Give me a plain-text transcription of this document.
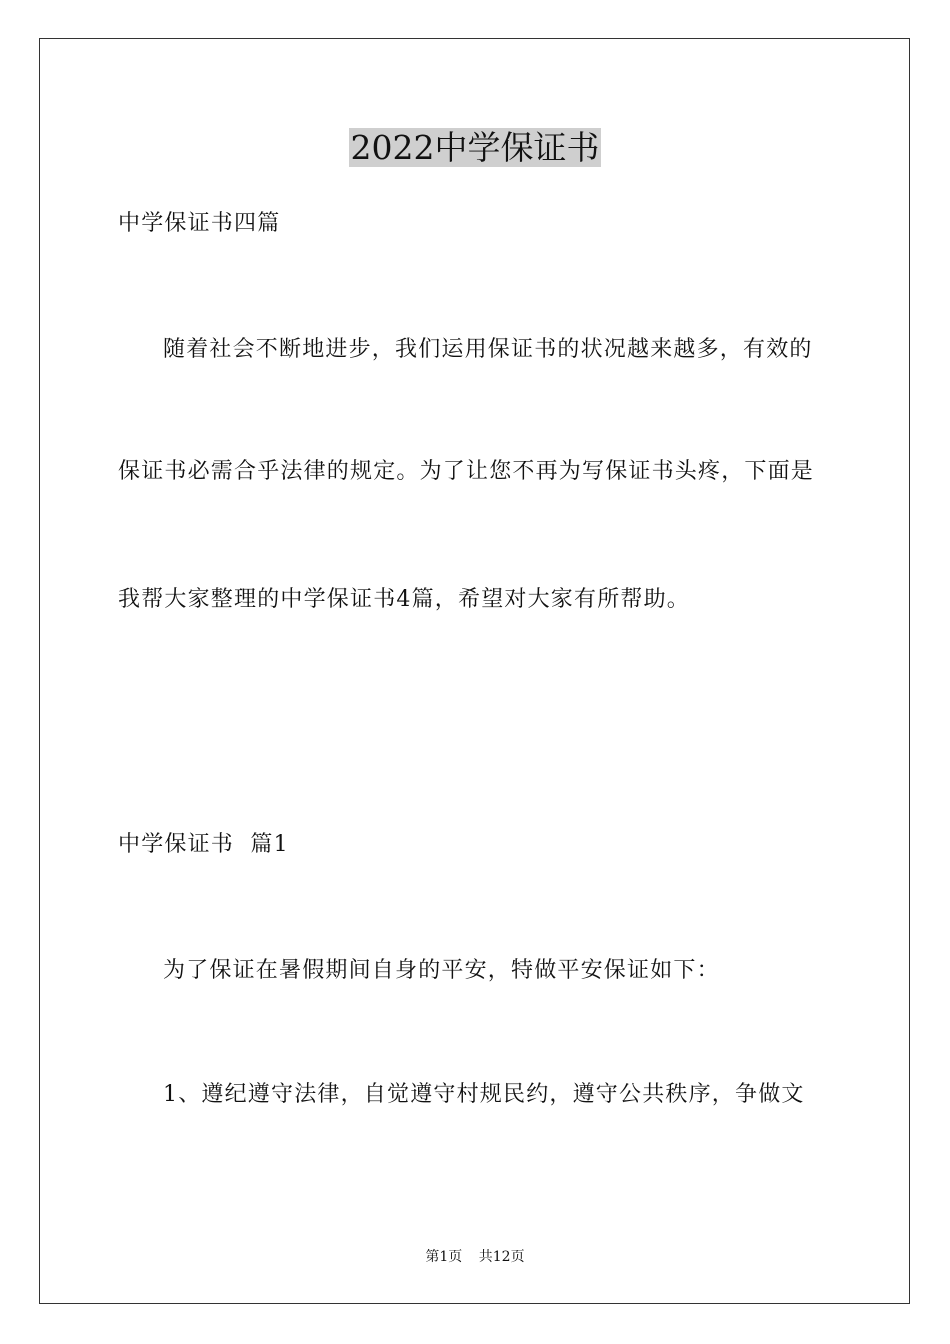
2022中学保证书
中学保证书四篇
随着社会不断地进步，我们运用保证书的状况越来越多，有效的
保证书必需合乎法律的规定。为了让您不再为写保证书头疼，下面是
我帮大家整理的中学保证书4篇，希望对大家有所帮助。
中学保证书  篇1
为了保证在暑假期间自身的平安，特做平安保证如下：
1、遵纪遵守法律，自觉遵守村规民约，遵守公共秩序，争做文
第1页 共12页
